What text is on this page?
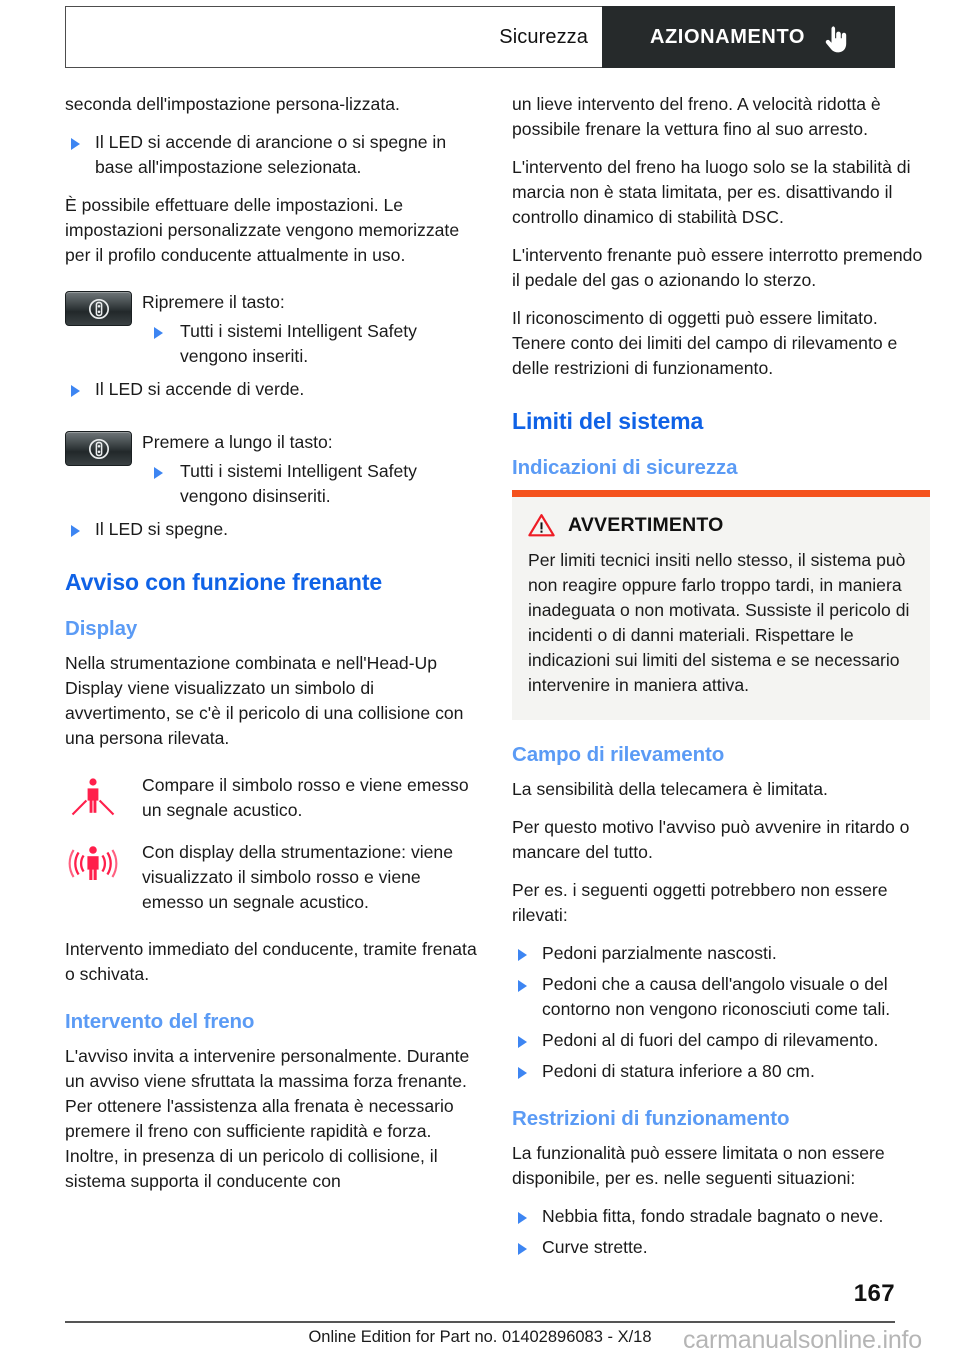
Sicurezza	AZIONAMENTO

seconda dell'impostazione persona-lizzata.

Il LED si accende di arancione o si spegne in base all'impostazione selezionata.

È possibile effettuare delle impostazioni. Le impostazioni personalizzate vengono memorizzate per il profilo conducente attualmente in uso.

Ripremere il tasto:
Tutti i sistemi Intelligent Safety vengono inseriti.
Il LED si accende di verde.
Premere a lungo il tasto:
Tutti i sistemi Intelligent Safety vengono disinseriti.
Il LED si spegne.
Avviso con funzione frenante
Display

Nella strumentazione combinata e nell'Head-Up Display viene visualizzato un simbolo di avvertimento, se c'è il pericolo di una collisione con una persona rilevata.

Compare il simbolo rosso e viene emesso un segnale acustico.
Con display della strumentazione: viene visualizzato il simbolo rosso e viene emesso un segnale acustico.

Intervento immediato del conducente, tramite frenata o schivata.

Intervento del freno

L'avviso invita a intervenire personalmente. Durante un avviso viene sfruttata la massima forza frenante. Per ottenere l'assistenza alla frenata è necessario premere il freno con sufficiente rapidità e forza. Inoltre, in presenza di un pericolo di collisione, il sistema supporta il conducente con

un lieve intervento del freno. A velocità ridotta è possibile frenare la vettura fino al suo arresto.

L'intervento del freno ha luogo solo se la stabilità di marcia non è stata limitata, per es. disattivando il controllo dinamico di stabilità DSC.

L'intervento frenante può essere interrotto premendo il pedale del gas o azionando lo sterzo.

Il riconoscimento di oggetti può essere limitato. Tenere conto dei limiti del campo di rilevamento e delle restrizioni di funzionamento.

Limiti del sistema
Indicazioni di sicurezza
AVVERTIMENTO

Per limiti tecnici insiti nello stesso, il sistema può non reagire oppure farlo troppo tardi, in maniera inadeguata o non motivata. Sussiste il pericolo di incidenti o di danni materiali. Rispettare le indicazioni sui limiti del sistema e se necessario intervenire in maniera attiva.

Campo di rilevamento

La sensibilità della telecamera è limitata.

Per questo motivo l'avviso può avvenire in ritardo o mancare del tutto.

Per es. i seguenti oggetti potrebbero non essere rilevati:

Pedoni parzialmente nascosti.
Pedoni che a causa dell'angolo visuale o del contorno non vengono riconosciuti come tali.
Pedoni al di fuori del campo di rilevamento.
Pedoni di statura inferiore a 80 cm.
Restrizioni di funzionamento

La funzionalità può essere limitata o non essere disponibile, per es. nelle seguenti situazioni:

Nebbia fitta, fondo stradale bagnato o neve.
Curve strette.
167
Online Edition for Part no. 01402896083 - X/18	carmanualsonline.info
